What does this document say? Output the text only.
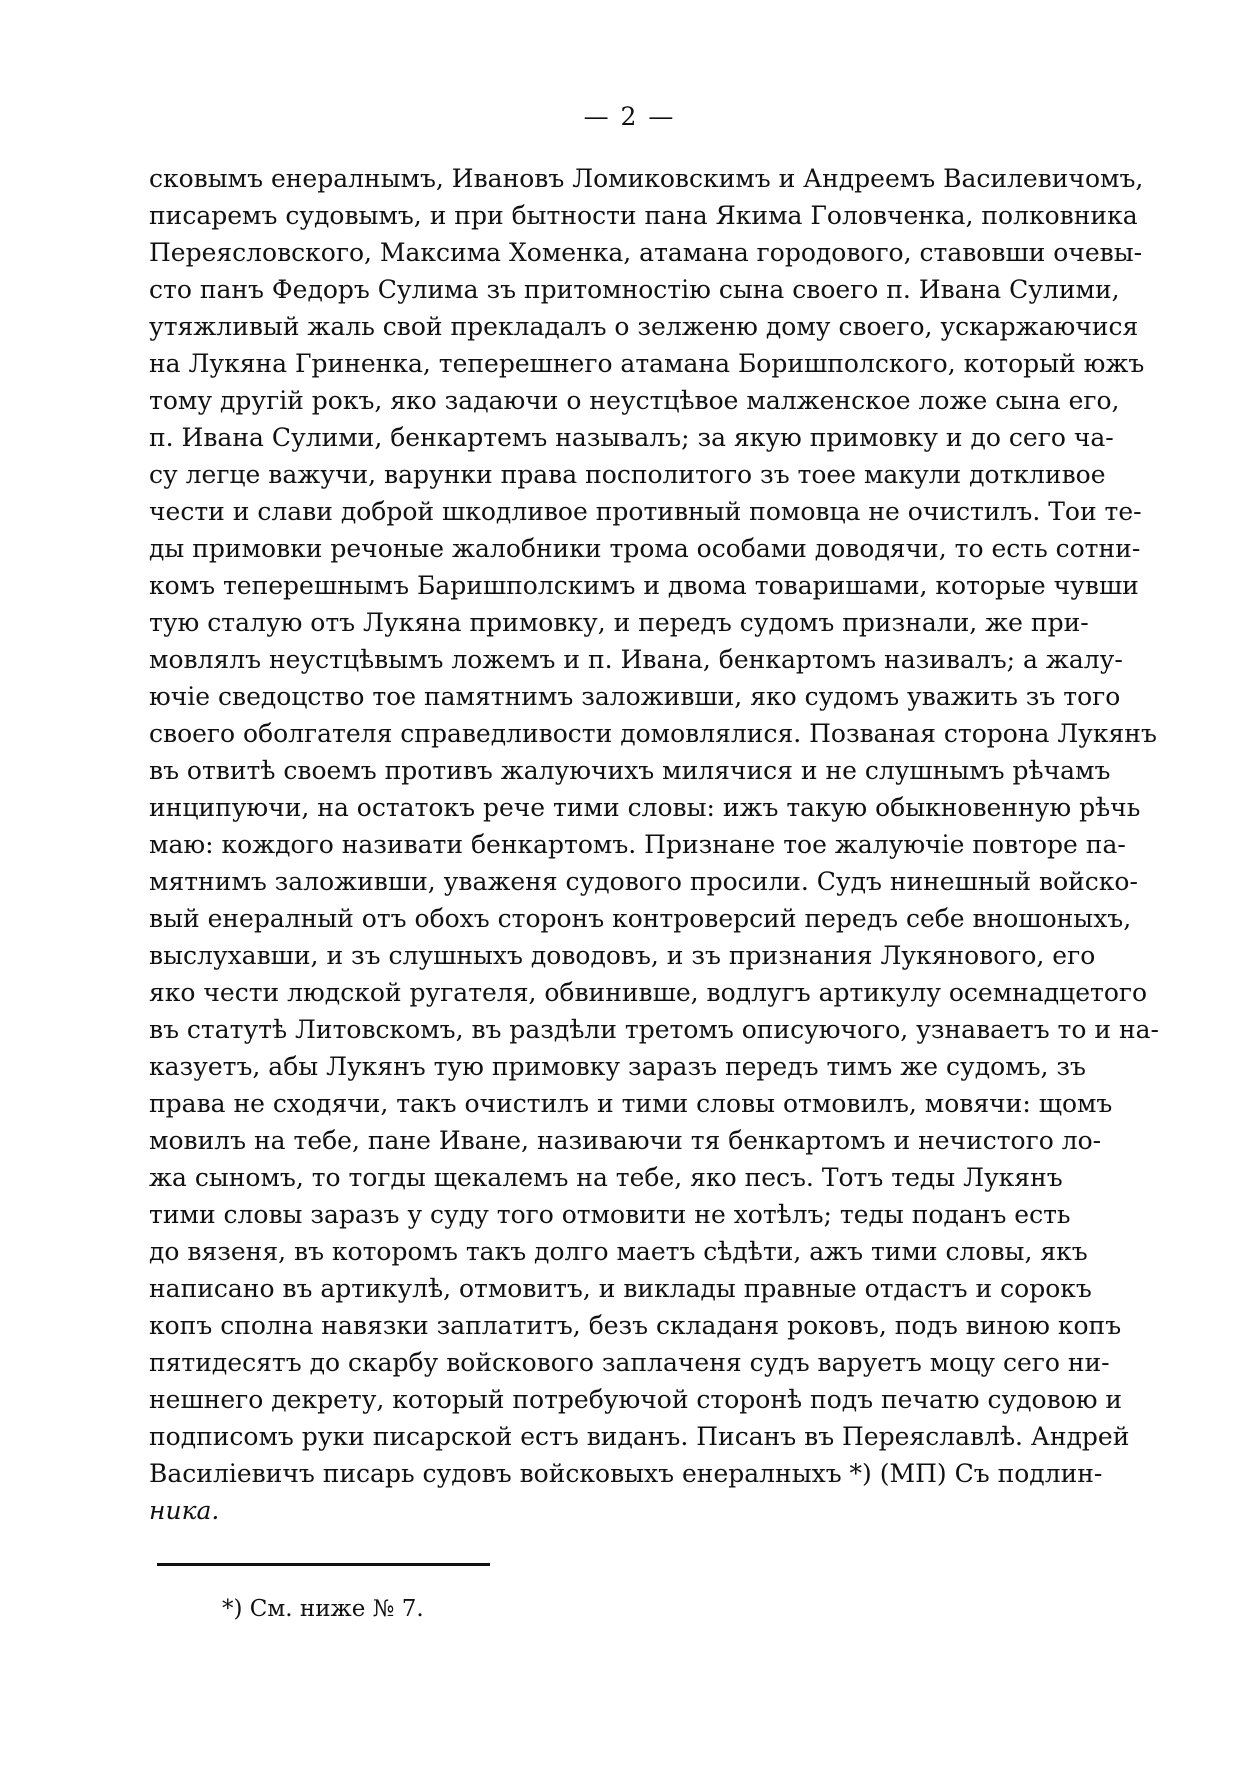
— 2 —
сковымъ енералнымъ, Ивановъ Ломиковскимъ и Андреемъ Василевичомъ,
писаремъ судовымъ, и при бытности пана Якима Головченка, полковника
Переясловского, Максима Хоменка, атамана городового, ставовши очевы-
сто панъ Федоръ Сулима зъ притомностію сына своего п. Ивана Сулими,
утяжливый жаль свой прекладалъ о зелженю дому своего, ускаржаючися
на Лукяна Гриненка, теперешнего атамана Боришполского, который южъ
тому другій рокъ, яко задаючи о неустцѣвое малженское ложе сына его,
п. Ивана Сулими, бенкартемъ называлъ; за якую примовку и до сего ча-
су легце важучи, варунки права посполитого зъ тоее макули доткливое
чести и слави доброй шкодливое противный помовца не очистилъ. Тои те-
ды примовки речоные жалобники трома особами доводячи, то есть сотни-
комъ теперешнымъ Баришполскимъ и двома товаришами, которые чувши
тую сталую отъ Лукяна примовку, и передъ судомъ признали, же при-
мовлялъ неустцѣвымъ ложемъ и п. Ивана, бенкартомъ називалъ; а жалу-
ючіе сведоцство тое памятнимъ заложивши, яко судомъ уважить зъ того
своего оболгателя справедливости домовлялися. Позваная сторона Лукянъ
въ отвитѣ своемъ противъ жалуючихъ милячися и не слушнымъ рѣчамъ
инципуючи, на остатокъ рече тими словы: ижъ такую обыкновенную рѣчь
маю: кождого називати бенкартомъ. Признане тое жалуючіе повторе па-
мятнимъ заложивши, уваженя судового просили. Судъ нинешный войско-
вый енералный отъ обохъ сторонъ контроверсий передъ себе вношоныхъ,
выслухавши, и зъ слушныхъ доводовъ, и зъ признания Лукянового, его
яко чести людской ругателя, обвинивше, водлугъ артикулу осемнадцетого
въ статутѣ Литовскомъ, въ раздѣли третомъ описуючого, узнаваетъ то и на-
казуетъ, абы Лукянъ тую примовку заразъ передъ тимъ же судомъ, зъ
права не сходячи, такъ очистилъ и тими словы отмовилъ, мовячи: щомъ
мовилъ на тебе, пане Иване, називаючи тя бенкартомъ и нечистого ло-
жа сыномъ, то тогды щекалемъ на тебе, яко песъ. Тотъ теды Лукянъ
тими словы заразъ у суду того отмовити не хотѣлъ; теды поданъ есть
до вязеня, въ которомъ такъ долго маетъ сѣдѣти, ажъ тими словы, якъ
написано въ артикулѣ, отмовитъ, и виклады правные отдастъ и сорокъ
копъ сполна навязки заплатитъ, безъ складаня роковъ, подъ виною копъ
пятидесятъ до скарбу войскового заплаченя судъ варуетъ моцу сего ни-
нешнего декрету, который потребуючой сторонѣ подъ печатю судовою и
подписомъ руки писарской естъ виданъ. Писанъ въ Переяславлѣ. Андрей
Василіевичъ писарь судовъ войсковыхъ енералныхъ *) (МП) Съ подлин-
ника.
*) См. ниже № 7.
